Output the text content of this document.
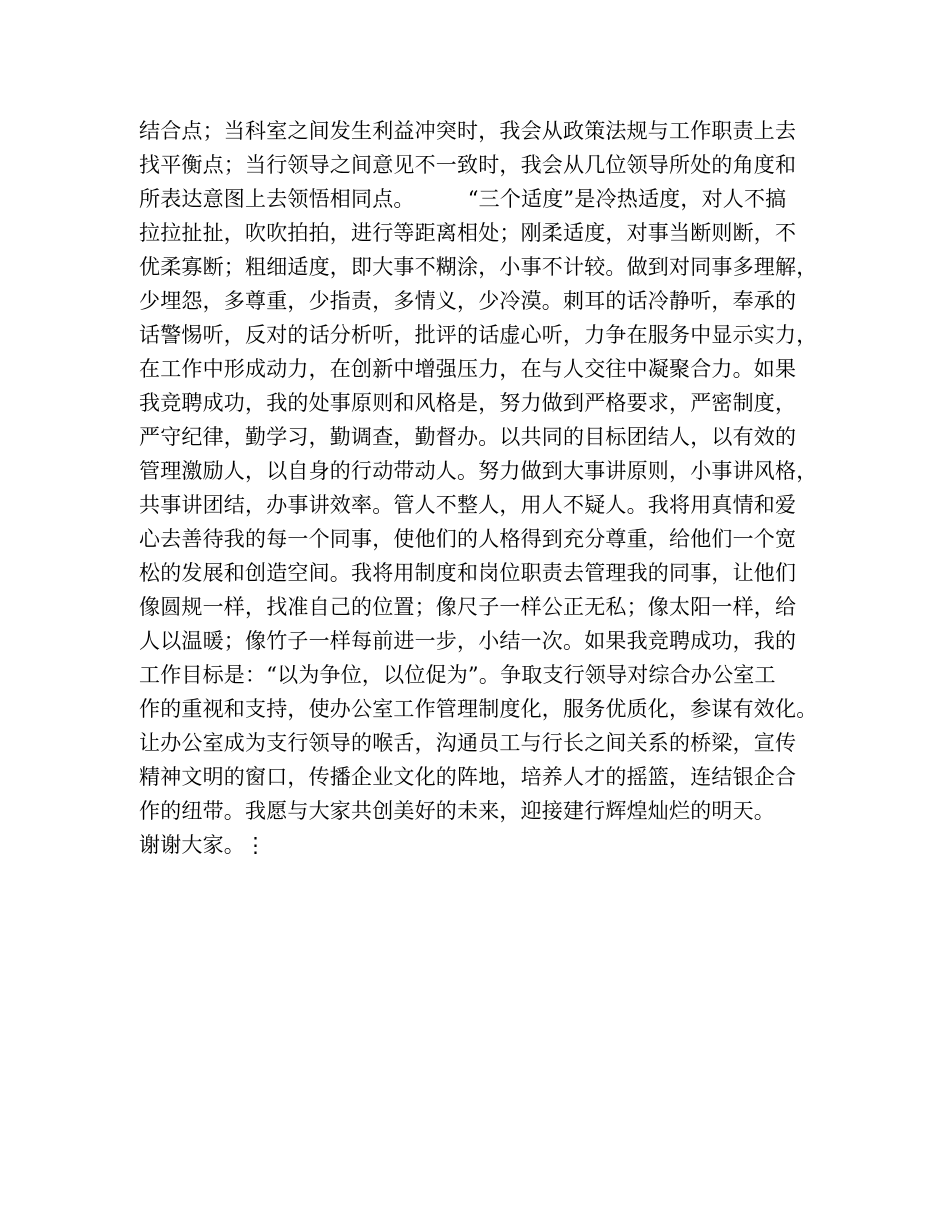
结合点；当科室之间发生利益冲突时，我会从政策法规与工作职责上去
找平衡点；当行领导之间意见不一致时，我会从几位领导所处的角度和
所表达意图上去领悟相同点。　　　“三个适度”是冷热适度，对人不搞
拉拉扯扯，吹吹拍拍，进行等距离相处；刚柔适度，对事当断则断，不
优柔寡断；粗细适度，即大事不糊涂，小事不计较。做到对同事多理解，
少埋怨，多尊重，少指责，多情义，少冷漠。刺耳的话冷静听，奉承的
话警惕听，反对的话分析听，批评的话虚心听，力争在服务中显示实力，
在工作中形成动力，在创新中增强压力，在与人交往中凝聚合力。如果
我竞聘成功，我的处事原则和风格是，努力做到严格要求，严密制度，
严守纪律，勤学习，勤调查，勤督办。以共同的目标团结人，以有效的
管理激励人，以自身的行动带动人。努力做到大事讲原则，小事讲风格，
共事讲团结，办事讲效率。管人不整人，用人不疑人。我将用真情和爱
心去善待我的每一个同事，使他们的人格得到充分尊重，给他们一个宽
松的发展和创造空间。我将用制度和岗位职责去管理我的同事，让他们
像圆规一样，找准自己的位置；像尺子一样公正无私；像太阳一样，给
人以温暖；像竹子一样每前进一步，小结一次。如果我竞聘成功，我的
工作目标是：“以为争位，以位促为”。争取支行领导对综合办公室工
作的重视和支持，使办公室工作管理制度化，服务优质化，参谋有效化。
让办公室成为支行领导的喉舌，沟通员工与行长之间关系的桥梁，宣传
精神文明的窗口，传播企业文化的阵地，培养人才的摇篮，连结银企合
作的纽带。我愿与大家共创美好的未来，迎接建行辉煌灿烂的明天。
谢谢大家。⋮
